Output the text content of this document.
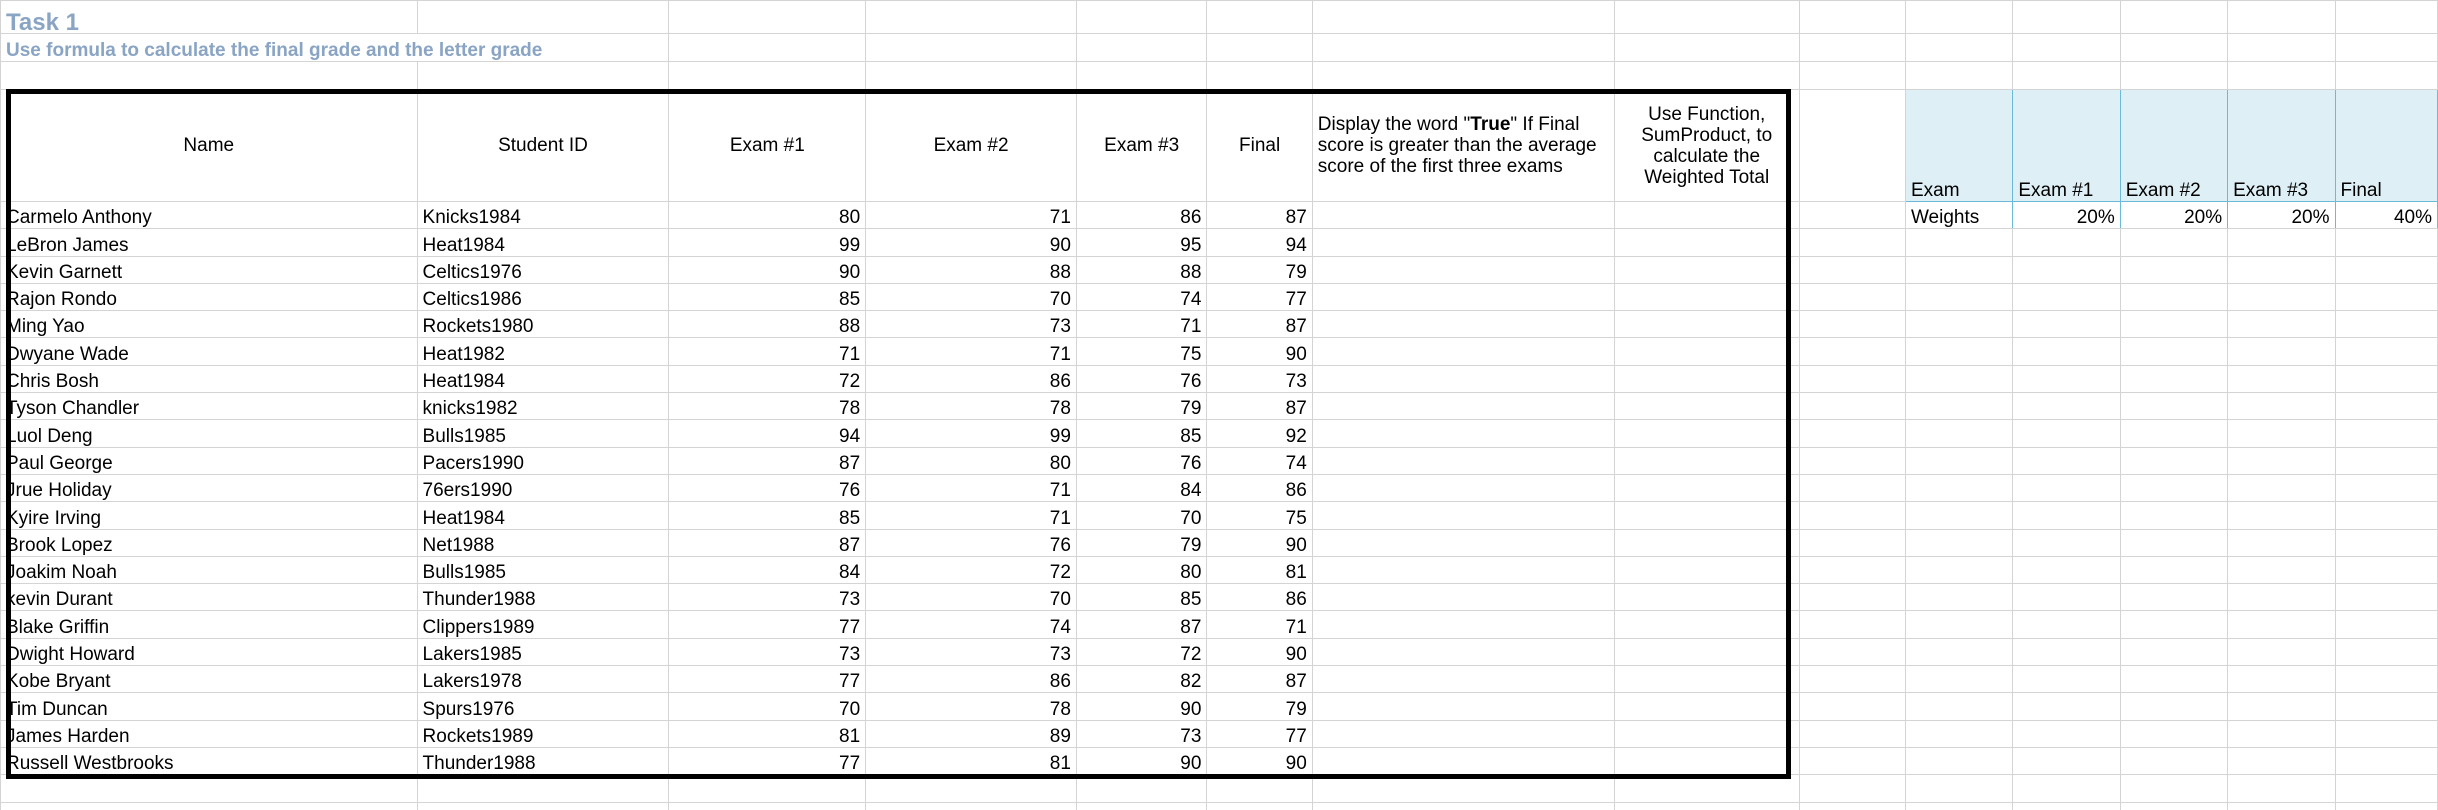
Task 1													
Use formula to calculate the final grade and the letter grade													

Name	Student ID	Exam #1	Exam #2	Exam #3	Final	Display the word "True" If Final score is greater than the average score of the first three exams	Use Function, SumProduct, to calculate the Weighted Total		Exam	Exam #1	Exam #2	Exam #3	Final
Carmelo Anthony	Knicks1984	80	71	86	87				Weights	20%	20%	20%	40%
LeBron James	Heat1984	99	90	95	94								
Kevin Garnett	Celtics1976	90	88	88	79								
Rajon Rondo	Celtics1986	85	70	74	77								
Ming Yao	Rockets1980	88	73	71	87								
Dwyane Wade	Heat1982	71	71	75	90								
Chris Bosh	Heat1984	72	86	76	73								
Tyson Chandler	knicks1982	78	78	79	87								
Luol Deng	Bulls1985	94	99	85	92								
Paul George	Pacers1990	87	80	76	74								
Jrue Holiday	76ers1990	76	71	84	86								
Kyire Irving	Heat1984	85	71	70	75								
Brook Lopez	Net1988	87	76	79	90								
Joakim Noah	Bulls1985	84	72	80	81								
kevin Durant	Thunder1988	73	70	85	86								
Blake Griffin	Clippers1989	77	74	87	71								
Dwight Howard	Lakers1985	73	73	72	90								
Kobe Bryant	Lakers1978	77	86	82	87								
Tim Duncan	Spurs1976	70	78	90	79								
James Harden	Rockets1989	81	89	73	77								
Russell Westbrooks	Thunder1988	77	81	90	90								
